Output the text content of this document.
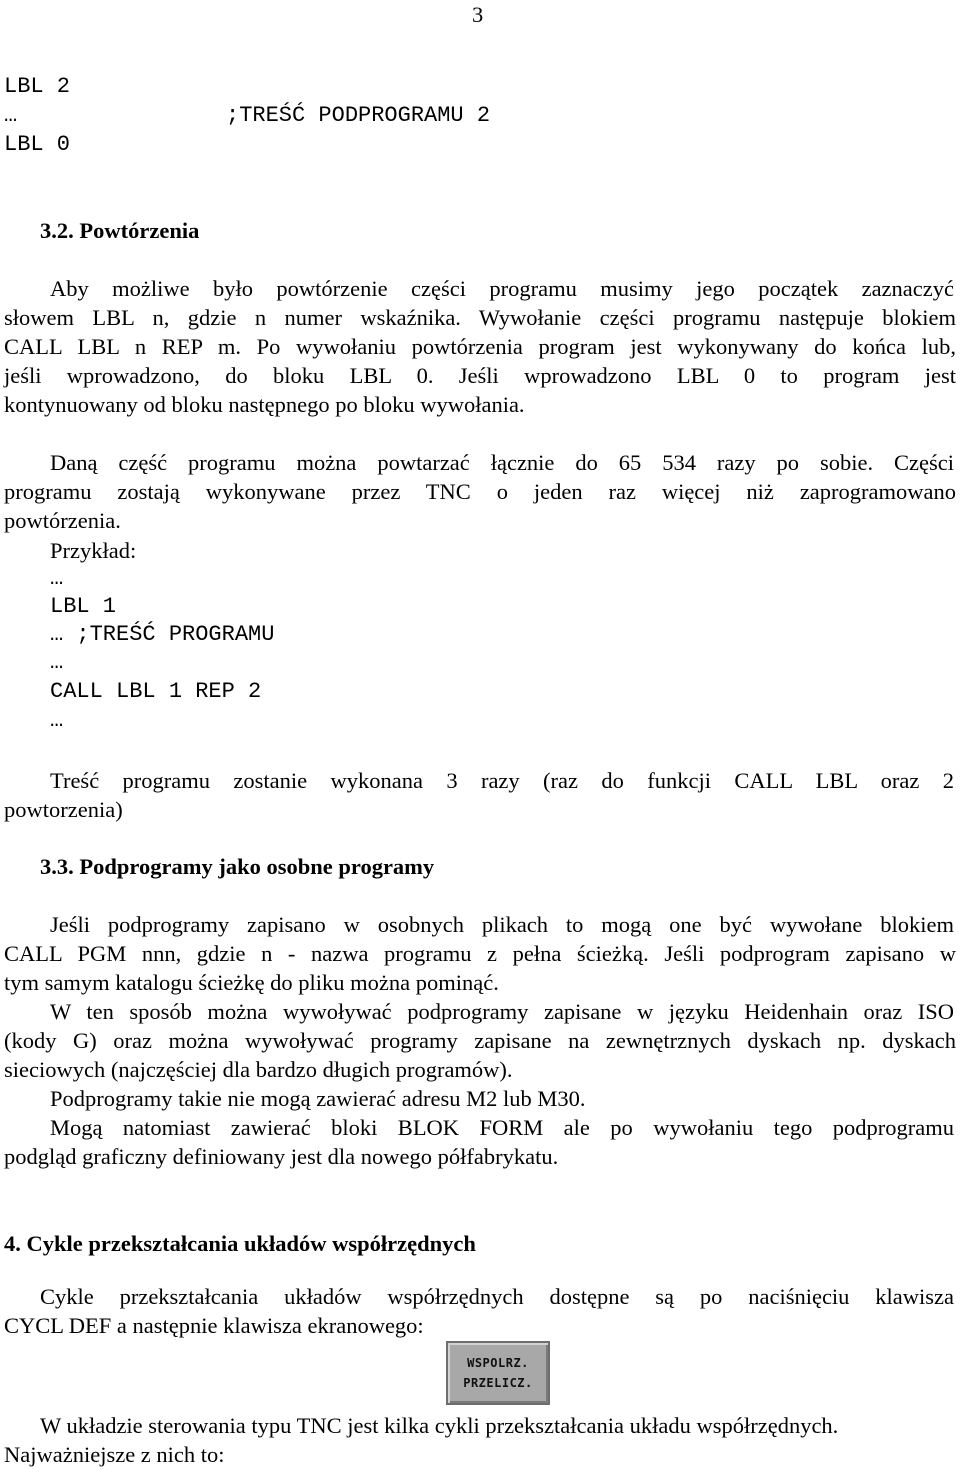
3
LBL 2
…	;TREŚĆ PODPROGRAMU 2
LBL 0
3.2. Powtórzenia
Aby możliwe było powtórzenie części programu musimy jego początek zaznaczyć
słowem LBL n, gdzie n numer wskaźnika. Wywołanie części programu następuje blokiem
CALL LBL n REP m. Po wywołaniu powtórzenia program jest wykonywany do końca lub,
jeśli wprowadzono, do bloku LBL 0. Jeśli wprowadzono LBL 0 to program jest
kontynuowany od bloku następnego po bloku wywołania.
Daną część programu można powtarzać łącznie do 65 534 razy po sobie. Części
programu zostają wykonywane przez TNC o jeden raz więcej niż zaprogramowano
powtórzenia.
Przykład:
…
LBL 1
… ;TREŚĆ PROGRAMU
…
CALL LBL 1 REP 2
…
Treść programu zostanie wykonana 3 razy (raz do funkcji CALL LBL oraz 2
powtorzenia)
3.3. Podprogramy jako osobne programy
Jeśli podprogramy zapisano w osobnych plikach to mogą one być wywołane blokiem
CALL PGM nnn, gdzie n - nazwa programu z pełna ścieżką. Jeśli podprogram zapisano w
tym samym katalogu ścieżkę do pliku można pominąć.
W ten sposób można wywoływać podprogramy zapisane w języku Heidenhain oraz ISO
(kody G) oraz można wywoływać programy zapisane na zewnętrznych dyskach np. dyskach
sieciowych (najczęściej dla bardzo długich programów).
Podprogramy takie nie mogą zawierać adresu M2 lub M30.
Mogą natomiast zawierać bloki BLOK FORM ale po wywołaniu tego podprogramu
podgląd graficzny definiowany jest dla nowego półfabrykatu.
4. Cykle przekształcania układów współrzędnych
Cykle przekształcania układów współrzędnych dostępne są po naciśnięciu klawisza
CYCL DEF a następnie klawisza ekranowego:
WSPOLRZ.
PRZELICZ.
W układzie sterowania typu TNC jest kilka cykli przekształcania układu współrzędnych.
Najważniejsze z nich to:
